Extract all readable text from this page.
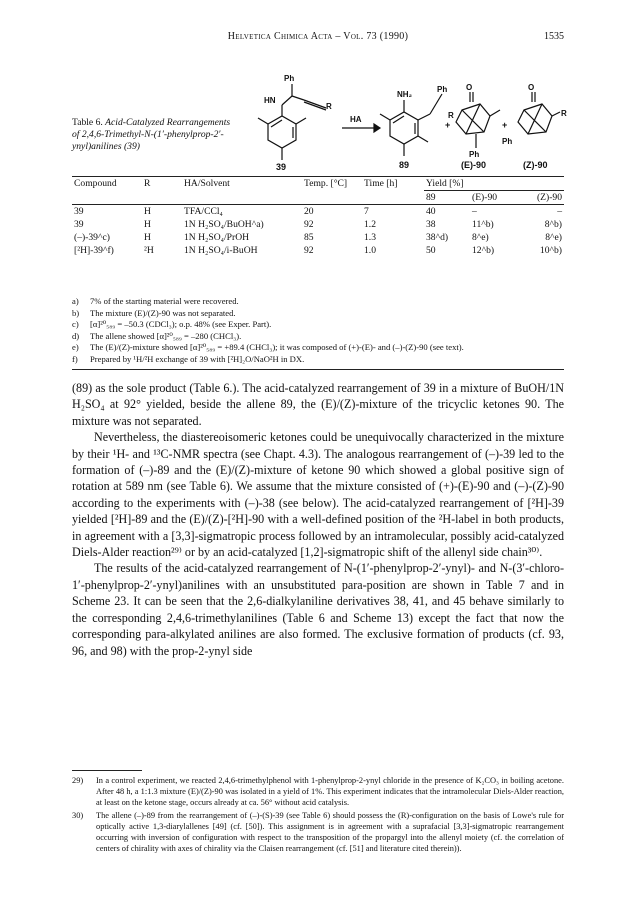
Helvetica Chimica Acta – Vol. 73 (1990)	1535
Table 6. Acid-Catalyzed Rearrangements of 2,4,6-Trimethyl-N-(1′-phenylprop-2′-ynyl)anilines (39)
Ph
HN
R
39
HA
NH₂
Ph
89
+
O
R
Ph
(E)-90
+
O
R
Ph
(Z)-90
Compound	R	HA/Solvent	Temp. [°C]	Time [h]	Yield [%]		
					89	(E)-90	(Z)-90
39	H	TFA/CCl₄	20	7	40	–	–
39	H	1N H₂SO₄/BuOH^a)	92	1.2	38	11^b)	8^b)
(–)-39^c)	H	1N H₂SO₄/PrOH	85	1.3	38^d)	8^e)	8^e)
[²H]-39^f)	²H	1N H₂SO₄/i-BuOH	92	1.0	50	12^b)	10^b)
a)	7% of the starting material were recovered.
b)	The mixture (E)/(Z)-90 was not separated.
c)	[α]²⁰₅₈₉ = –50.3 (CDCl₃); o.p. 48% (see Exper. Part).
d)	The allene showed [α]²⁰₅₈₉ = –280 (CHCl₃).
e)	The (E)/(Z)-mixture showed [α]²⁰₅₈₉ = +89.4 (CHCl₃); it was composed of (+)-(E)- and (–)-(Z)-90 (see text).
f)	Prepared by ¹H/²H exchange of 39 with [²H]₂O/NaO²H in DX.

(89) as the sole product (Table 6.). The acid-catalyzed rearrangement of 39 in a mixture of BuOH/1N H₂SO₄ at 92° yielded, beside the allene 89, the (E)/(Z)-mixture of the tricyclic ketones 90. The mixture was not separated.

Nevertheless, the diastereoisomeric ketones could be unequivocally characterized in the mixture by their ¹H- and ¹³C-NMR spectra (see Chapt. 4.3). The analogous rearrangement of (–)-39 led to the formation of (–)-89 and the (E)/(Z)-mixture of ketone 90 which showed a global positive sign of rotation at 589 nm (see Table 6). We assume that the mixture consisted of (+)-(E)-90 and (–)-(Z)-90 according to the experiments with (–)-38 (see below). The acid-catalyzed rearrangement of [²H]-39 yielded [²H]-89 and the (E)/(Z)-[²H]-90 with a well-defined position of the ²H-label in both products, in agreement with a [3,3]-sigmatropic process followed by an intramolecular, possibly acid-catalyzed Diels-Alder reaction²⁹⁾ or by an acid-catalyzed [1,2]-sigmatropic shift of the allenyl side chain³⁰⁾.

The results of the acid-catalyzed rearrangement of N-(1′-phenylprop-2′-ynyl)- and N-(3′-chloro-1′-phenylprop-2′-ynyl)anilines with an unsubstituted para-position are shown in Table 7 and in Scheme 23. It can be seen that the 2,6-dialkylaniline derivatives 38, 41, and 45 behave similarly to the corresponding 2,4,6-trimethylanilines (Table 6 and Scheme 13) except the fact that now the corresponding para-alkylated anilines are also formed. The exclusive formation of products (cf. 93, 96, and 98) with the prop-2-ynyl side

29)	In a control experiment, we reacted 2,4,6-trimethylphenol with 1-phenylprop-2-ynyl chloride in the presence of K₂CO₃ in boiling acetone. After 48 h, a 1:1.3 mixture (E)/(Z)-90 was isolated in a yield of 1%. This experiment indicates that the intramolecular Diels-Alder reaction, at least on the ketone stage, occurs already at ca. 56° without acid catalysis.
30)	The allene (–)-89 from the rearrangement of (–)-(S)-39 (see Table 6) should possess the (R)-configuration on the basis of Lowe's rule for optically active 1,3-diarylallenes [49] (cf. [50]). This assignment is in agreement with a suprafacial [3,3]-sigmatropic rearrangement occurring with inversion of configuration with respect to the transposition of the propargyl into the allenyl moiety (cf. the correlation of centers of chirality with axes of chirality via the Claisen rearrangement (cf. [51] and literature cited therein)).
